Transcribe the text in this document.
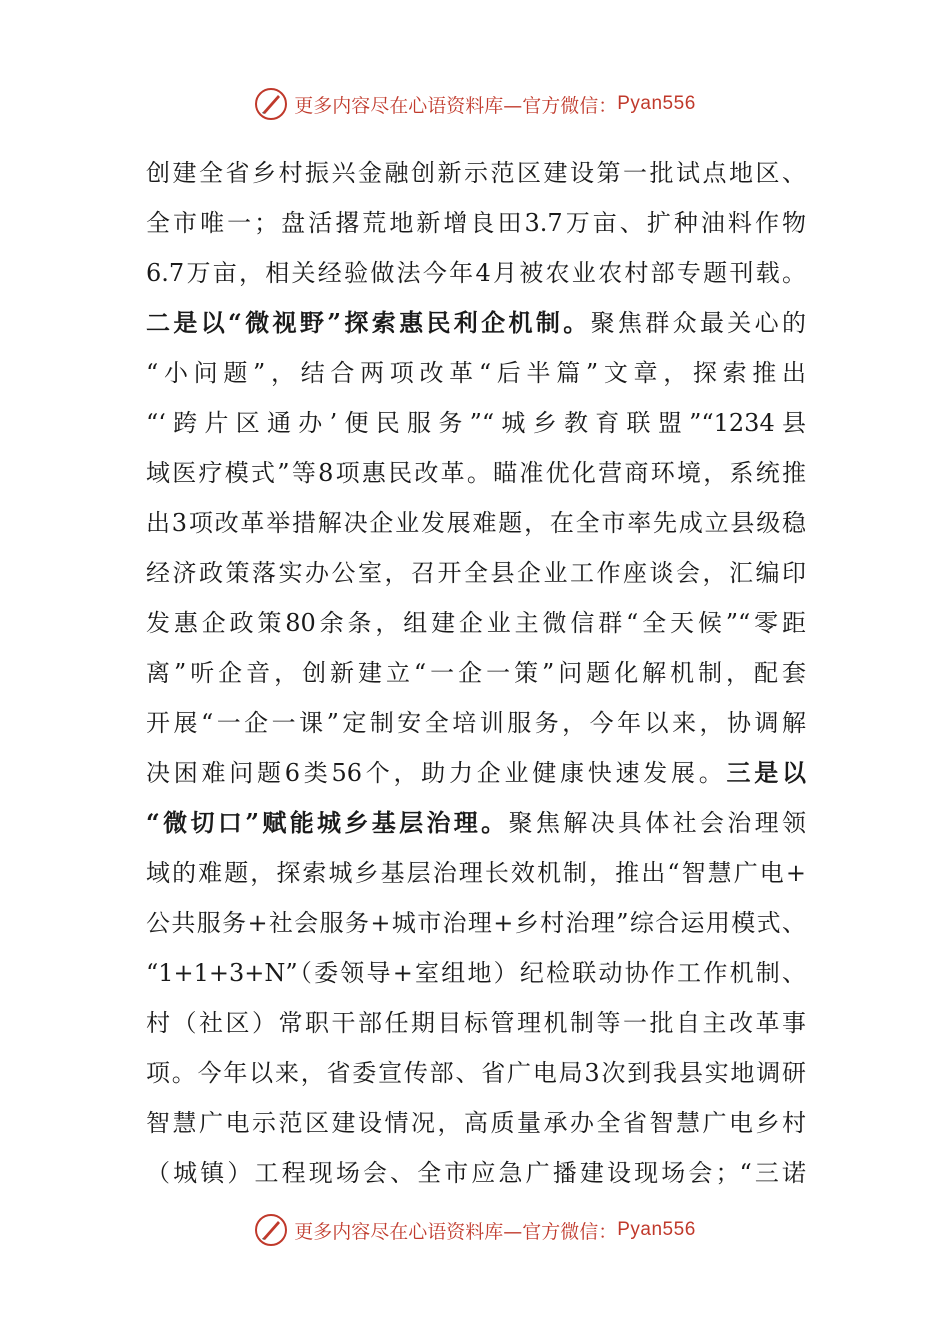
更多内容尽在心语资料库—官方微信： Pyan556
创建全省乡村振兴金融创新示范区建设第一批试点地区、
全市唯一；盘活撂荒地新增良田3.7万亩、扩种油料作物
6.7万亩，相关经验做法今年4月被农业农村部专题刊载。
二是以“微视野”探索惠民利企机制。聚焦群众最关心的
“小问题”，结合两项改革“后半篇”文章，探索推出
“‘跨片区通办’便民服务”“城乡教育联盟”“1234县
域医疗模式”等8项惠民改革。瞄准优化营商环境，系统推
出3项改革举措解决企业发展难题，在全市率先成立县级稳
经济政策落实办公室，召开全县企业工作座谈会，汇编印
发惠企政策80余条，组建企业主微信群“全天候”“零距
离”听企音，创新建立“一企一策”问题化解机制，配套
开展“一企一课”定制安全培训服务，今年以来，协调解
决困难问题6类56个，助力企业健康快速发展。三是以
“微切口”赋能城乡基层治理。聚焦解决具体社会治理领
域的难题，探索城乡基层治理长效机制，推出“智慧广电+
公共服务+社会服务+城市治理+乡村治理”综合运用模式、
“1+1+3+N”（委领导+室组地）纪检联动协作工作机制、
村（社区）常职干部任期目标管理机制等一批自主改革事
项。今年以来，省委宣传部、省广电局3次到我县实地调研
智慧广电示范区建设情况，高质量承办全省智慧广电乡村
（城镇）工程现场会、全市应急广播建设现场会；“三诺
更多内容尽在心语资料库—官方微信： Pyan556
